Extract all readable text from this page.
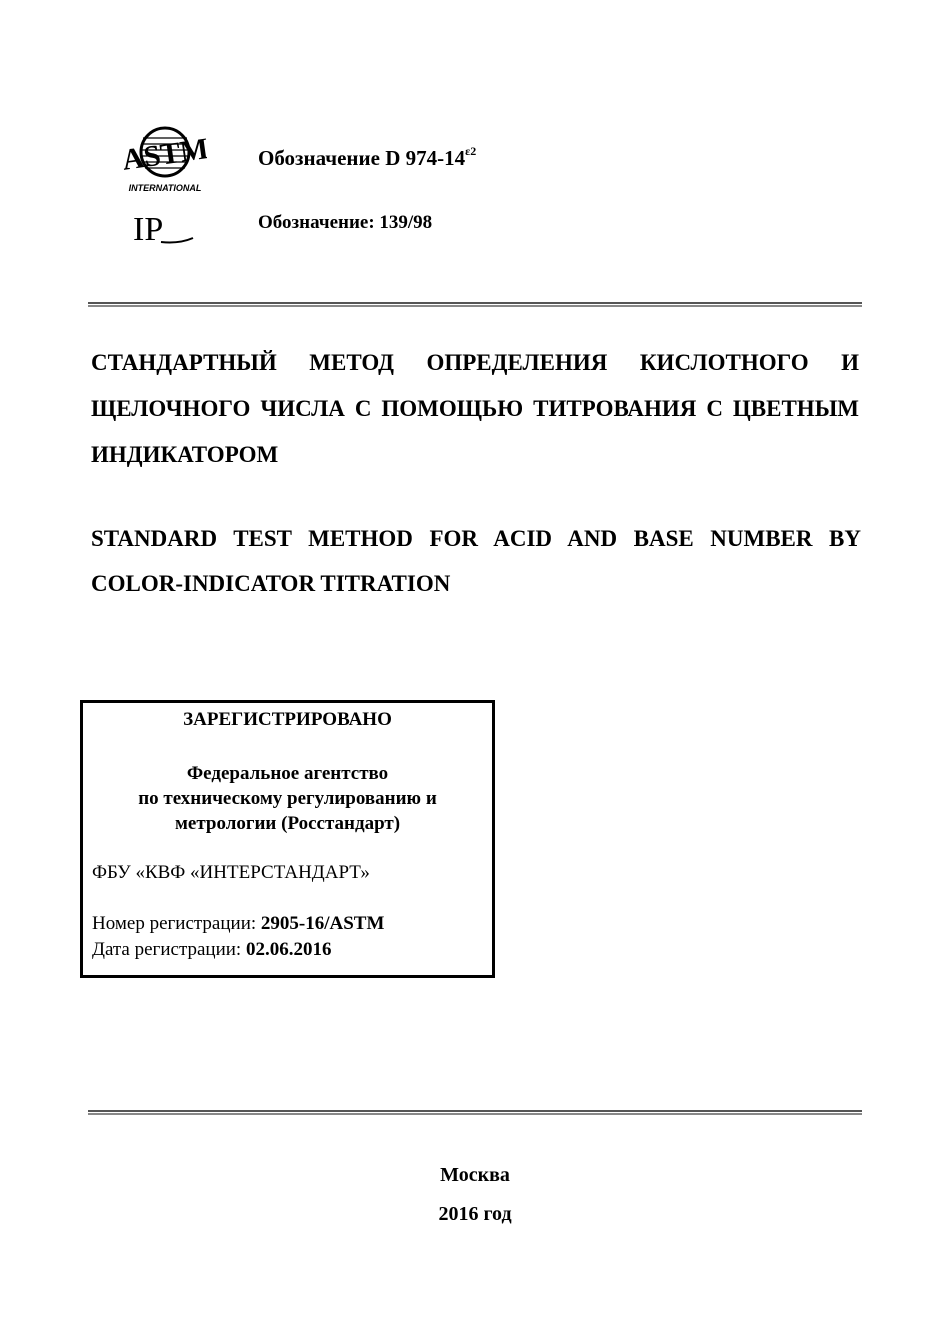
ASTM
INTERNATIONAL
IP
Обозначение D $974-14^{\varepsilon 2}$
Обозначение: 139/98
СТАНДАРТНЫЙ МЕТОД ОПРЕДЕЛЕНИЯ КИСЛОТНОГО И ЩЕЛОЧНОГО ЧИСЛА С ПОМОЩЬЮ ТИТРОВАНИЯ С ЦВЕТНЫМ ИНДИКАТОРОМ
STANDARD TEST METHOD FOR ACID AND BASE NUMBER BY COLOR-INDICATOR TITRATION
ЗАРЕГИСТРИРОВАНО
Федеральное агентство
по техническому регулированию и
метрологии (Росстандарт)
ФБУ «КВФ «ИНТЕРСТАНДАРТ»
Номер регистрации: 2905-16/ASTM
Дата регистрации: 02.06.2016
Москва
2016 год
